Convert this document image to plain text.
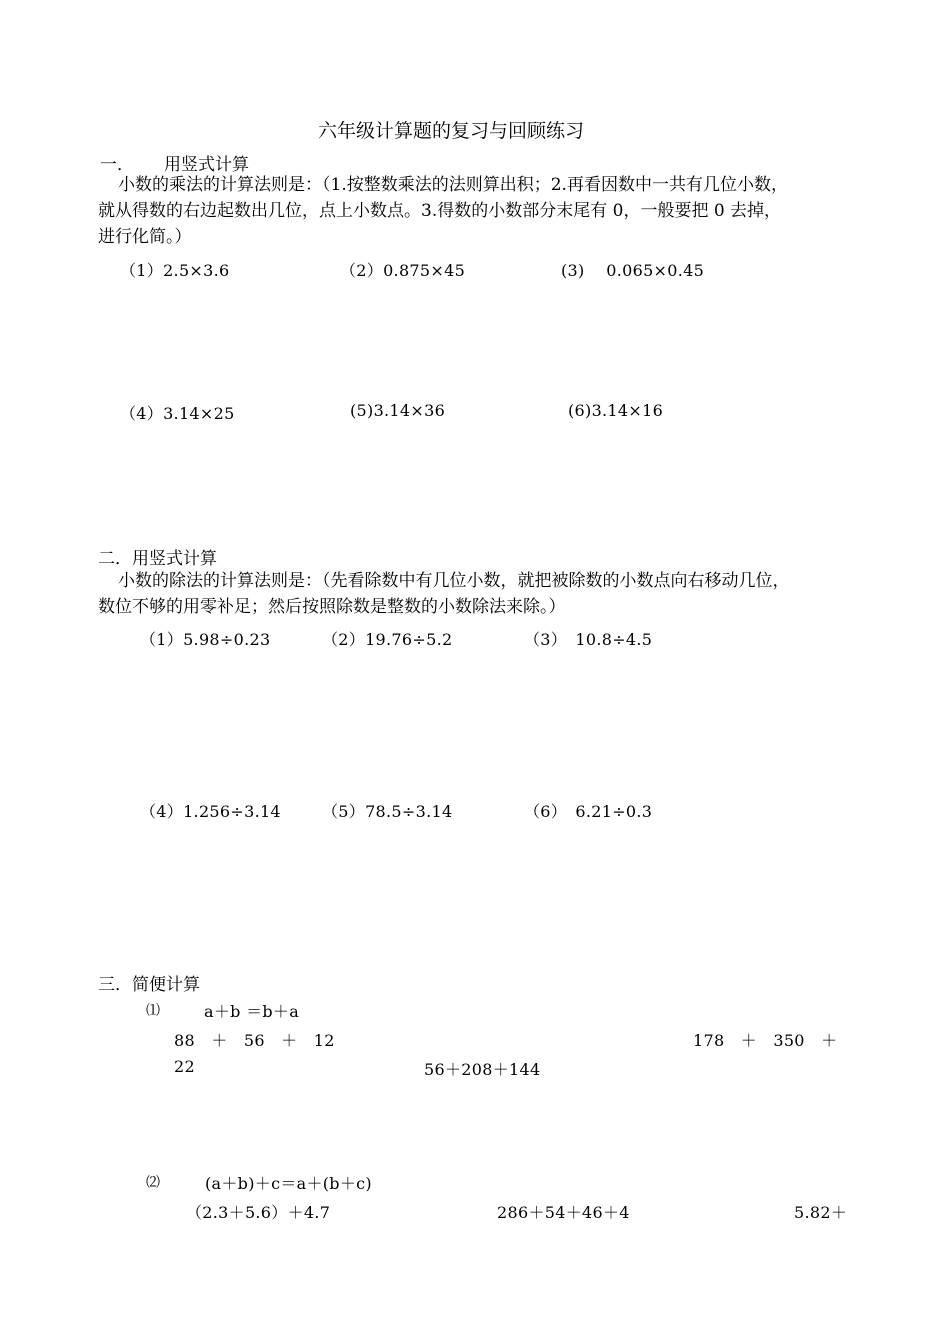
六年级计算题的复习与回顾练习
一． 用竖式计算
小数的乘法的计算法则是：（1.按整数乘法的法则算出积；2.再看因数中一共有几位小数，
就从得数的右边起数出几位，点上小数点。3.得数的小数部分末尾有 0，一般要把 0 去掉，
进行化简。）
（1）2.5×3.6	（2）0.875×45	(3)　 0.065×0.45
（4）3.14×25	(5)3.14×36	(6)3.14×16
二．用竖式计算
小数的除法的计算法则是：（先看除数中有几位小数，就把被除数的小数点向右移动几位，
数位不够的用零补足；然后按照除数是整数的小数除法来除。）
（1）5.98÷0.23	（2）19.76÷5.2	（3）　10.8÷4.5
（4）1.256÷3.14	（5）78.5÷3.14	（6）　6.21÷0.3
三．简便计算
⑴	a＋b ＝b＋a
88　＋　56　＋　12	178　＋　350　＋
22	56＋208＋144
⑵	(a＋b)＋c＝a＋(b＋c)
（2.3＋5.6）＋4.7	286＋54＋46＋4	5.82＋
